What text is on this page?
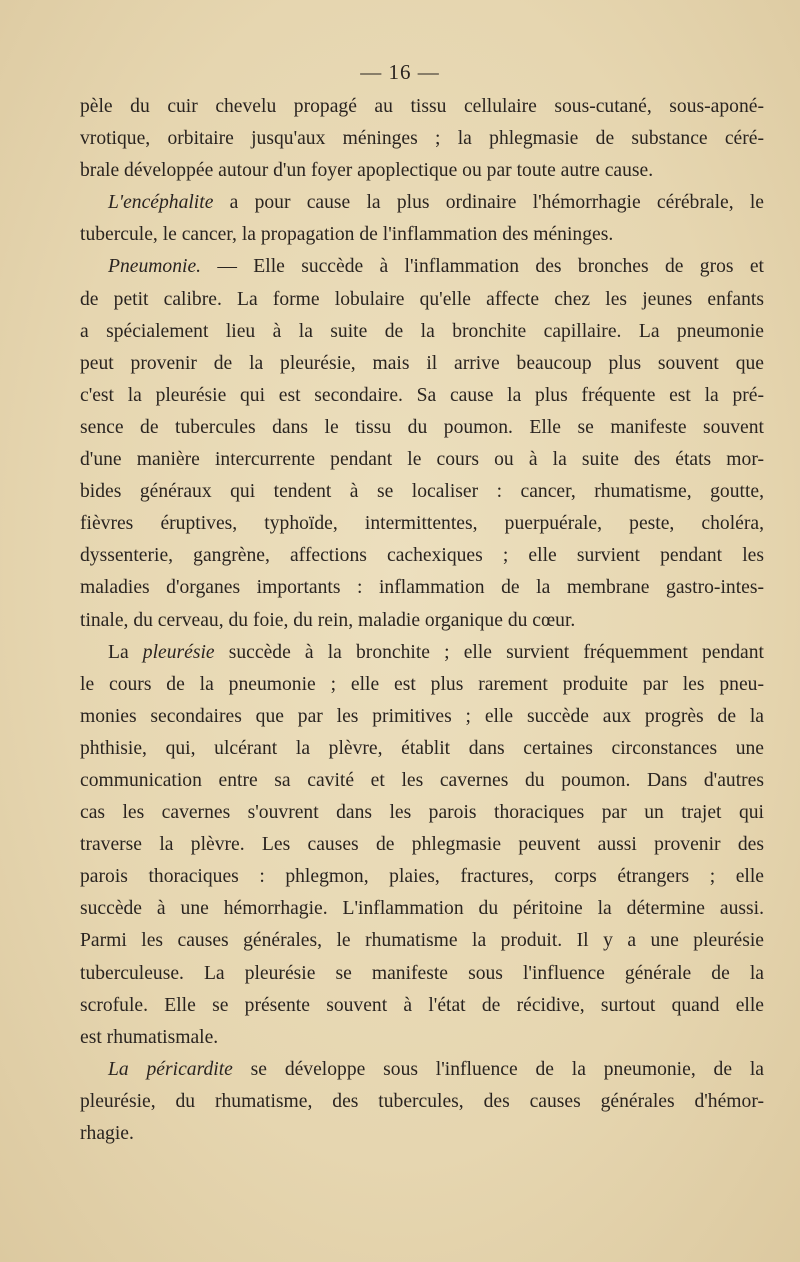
— 16 —

pèle du cuir chevelu propagé au tissu cellulaire sous-cutané, sous-aponé-
vrotique, orbitaire jusqu'aux méninges ; la phlegmasie de substance céré-
brale développée autour d'un foyer apoplectique ou par toute autre cause.

L'encéphalite a pour cause la plus ordinaire l'hémorrhagie cérébrale, le
tubercule, le cancer, la propagation de l'inflammation des méninges.

Pneumonie. — Elle succède à l'inflammation des bronches de gros et
de petit calibre. La forme lobulaire qu'elle affecte chez les jeunes enfants
a spécialement lieu à la suite de la bronchite capillaire. La pneumonie
peut provenir de la pleurésie, mais il arrive beaucoup plus souvent que
c'est la pleurésie qui est secondaire. Sa cause la plus fréquente est la pré-
sence de tubercules dans le tissu du poumon. Elle se manifeste souvent
d'une manière intercurrente pendant le cours ou à la suite des états mor-
bides généraux qui tendent à se localiser : cancer, rhumatisme, goutte,
fièvres éruptives, typhoïde, intermittentes, puerpuérale, peste, choléra,
dyssenterie, gangrène, affections cachexiques ; elle survient pendant les
maladies d'organes importants : inflammation de la membrane gastro-intes-
tinale, du cerveau, du foie, du rein, maladie organique du cœur.

La pleurésie succède à la bronchite ; elle survient fréquemment pendant
le cours de la pneumonie ; elle est plus rarement produite par les pneu-
monies secondaires que par les primitives ; elle succède aux progrès de la
phthisie, qui, ulcérant la plèvre, établit dans certaines circonstances une
communication entre sa cavité et les cavernes du poumon. Dans d'autres
cas les cavernes s'ouvrent dans les parois thoraciques par un trajet qui
traverse la plèvre. Les causes de phlegmasie peuvent aussi provenir des
parois thoraciques : phlegmon, plaies, fractures, corps étrangers ; elle
succède à une hémorrhagie. L'inflammation du péritoine la détermine aussi.
Parmi les causes générales, le rhumatisme la produit. Il y a une pleurésie
tuberculeuse. La pleurésie se manifeste sous l'influence générale de la
scrofule. Elle se présente souvent à l'état de récidive, surtout quand elle
est rhumatismale.

La péricardite se développe sous l'influence de la pneumonie, de la
pleurésie, du rhumatisme, des tubercules, des causes générales d'hémor-
rhagie.
